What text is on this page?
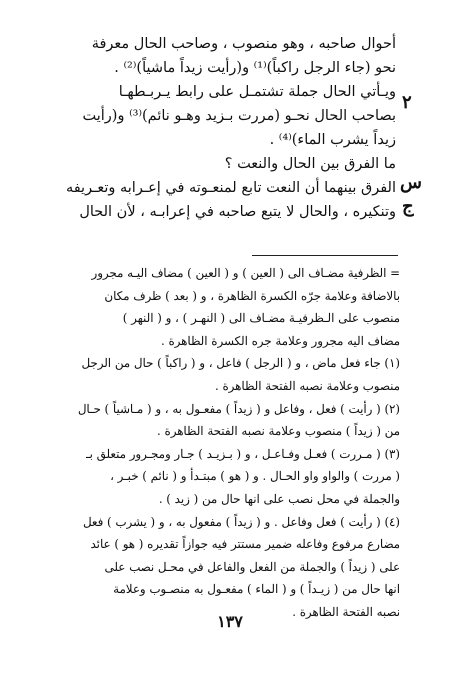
أحوال صاحبه ، وهو منصوب ، وصاحب الحال معرفة
نحو (جاء الرجل راكباً)⁽¹⁾ و(رأيت زيداً ماشياً)⁽²⁾ .
ويـأتي الحال جملة تشتمـل على رابط يـربـطهـا
بصاحب الحال نحـو (مررت بـزيد وهـو نائم)⁽³⁾ و(رأيت
زيداً يشرب الماء)⁽⁴⁾ .
ما الفرق بين الحال والنعت ؟
الفرق بينهما أن النعت تابع لمنعـوته في إعـرابه وتعـريفه
وتنكيره ، والحال لا يتبع صاحبه في إعرابـه ، لأن الحال
٢
س
ج
= الظرفية مضـاف الى ( العين ) و ( العين ) مضاف اليـه مجرور
بالاضافة وعلامة جرّه الكسرة الظاهرة ، و ( بعد ) ظرف مكان
منصوب على الـظرفيـة مضـاف الى ( النهـر ) ، و ( النهر )
مضاف اليه مجرور وعلامة جره الكسرة الظاهرة .
(١) جاء فعل ماض ، و ( الرجل ) فاعل ، و ( راكباً ) حال من الرجل
منصوب وعلامة نصبه الفتحة الظاهرة .
(٢) ( رأيت ) فعل ، وفاعل و ( زيداً ) مفعـول به ، و ( مـاشياً ) حـال
من ( زيداً ) منصوب وعلامة نصبه الفتحة الظاهرة .
(٣) ( مـررت ) فعـل وفـاعـل ، و ( بـزيـد ) جـار ومجـرور متعلق بـ
( مررت ) والواو واو الحـال . و ( هو ) مبتـدأ و ( نائم ) خبـر ،
والجملة في محل نصب على انها حال من ( زيد ) .
(٤) ( رأيت ) فعل وفاعل . و ( زيداً ) مفعول به ، و ( يشرب ) فعل
مضارع مرفوع وفاعله ضمير مستتر فيه جوازاً تقديره ( هو ) عائد
على ( زيداً ) والجملة من الفعل والفاعل في محـل نصب على
انها حال من ( زيـداً ) و ( الماء ) مفعـول به منصـوب وعلامة
نصبه الفتحة الظاهرة .
١٣٧
